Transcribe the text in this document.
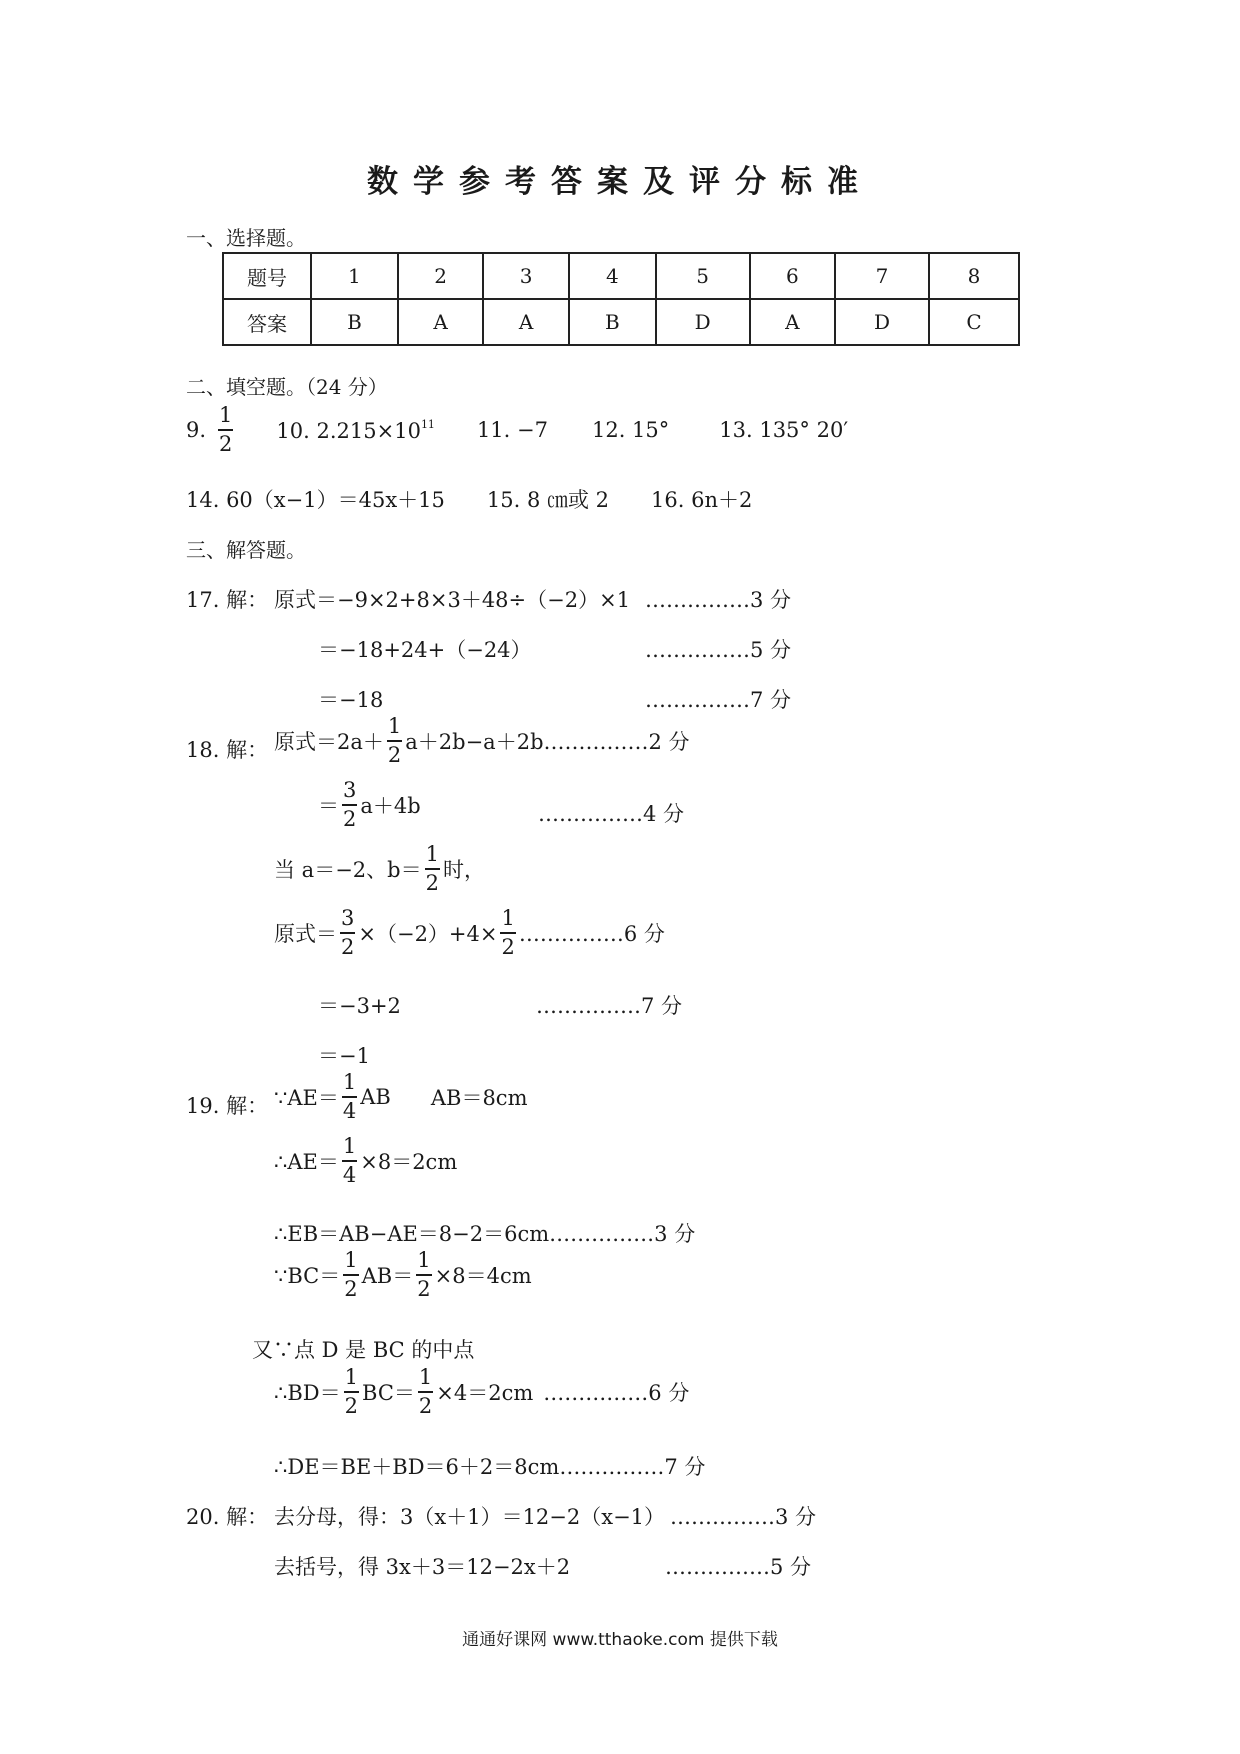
数学参考答案及评分标准
一、选择题。
题号	1	2	3	4	5	6	7	8
答案	B	A	A	B	D	A	D	C
二、填空题。（24 分）
9. $\frac{1}{2} 10$. $2.215\times 10^{11}$ 11. −7 12. 15° 13. 135° 20′
14. 60（x−1）＝45x＋15 15. 8 ㎝或 2 16. 6n＋2
三、解答题。
17. 解： 原式＝−9×2+8×3＋48÷（−2）×1 ……………3 分
＝−18+24+（−24）	……………5 分
＝−18	……………7 分
18. 解： 原式$=2a+ \frac{1}{2} a+2b-a+2b$ ……………2 分
＝ $\frac{3}{2} a+4b$	……………4 分
当 a＝−2、$b= \frac{1}{2}$ 时，
原式＝ $\frac{3}{2} \times(-2)+4\times \frac{1}{2}$ ……………6 分
＝−3+2	……………7 分
＝−1
19. 解： ∵AE＝ $\frac{1}{4}$ AB AB＝8cm
∴AE＝ $\frac{1}{4} \times 8=2cm$
∴EB＝AB−AE＝8−2＝6cm ……………3 分
∵BC＝ $\frac{1}{2} AB= \frac{1}{2} \times 8=4cm$
又∵点 D 是 BC 的中点
∴BD＝ $\frac{1}{2} BC= \frac{1}{2} \times 4=2cm$ ……………6 分
∴DE＝BE＋BD＝6＋2＝8cm ……………7 分
20. 解： 去分母，得：3（x＋1）＝12−2（x−1） ……………3 分
去括号，得 3x＋3＝12−2x＋2	……………5 分
通通好课网 www.tthaoke.com 提供下载
